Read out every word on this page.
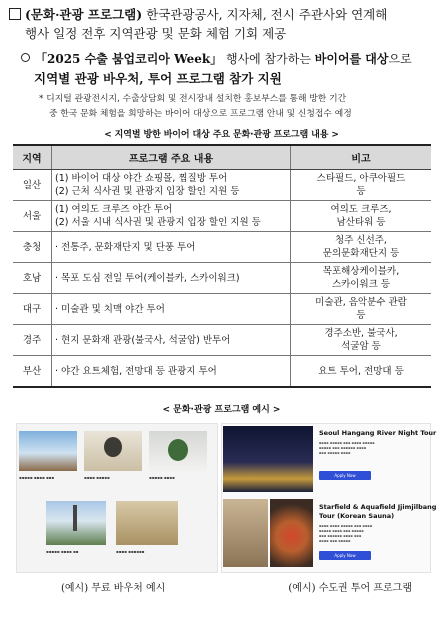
(문화·관광 프로그램) 한국관광공사, 지자체, 전시 주관사와 연계해
행사 일정 전후 지역관광 및 문화 체험 기회 제공
「2025 수출 붐업코리아 Week」 행사에 참가하는 바이어를 대상으로
지역별 관광 바우처, 투어 프로그램 참가 지원
* 디지털 관광전시지, 수출상담회 및 전시장내 설치한 홍보부스를 통해 방한 기간
중 한국 문화 체험을 희망하는 바이어 대상으로 프로그램 안내 및 신청접수 예정
< 지역별 방한 바이어 대상 주요 문화·관광 프로그램 내용 >
지역	프로그램 주요 내용	비고
일산	(1) 바이어 대상 야간 쇼핑몰, 찜질방 투어
(2) 근처 식사권 및 관광지 입장 할인 지원 등	스타필드, 아쿠아필드
등

서울	(1) 여의도 크루즈 야간 투어
(2) 서울 시내 식사권 및 관광지 입장 할인 지원 등	여의도 크루즈,
남산타워 등

충청	· 전통주, 문화재단지 및 단풍 투어	청주 신선주,
문의문화재단지 등

호남	· 목포 도심 전일 투어(케이블카, 스카이워크)	목포해상케이블카,
스카이워크 등

대구	· 미술관 및 치맥 야간 투어	미술관, 음악분수 관람
등

경주	· 현지 문화재 관광(불국사, 석굴암) 반투어	경주소반, 불국사,
석굴암 등

부산	· 야간 요트체험, 전망대 등 관광지 투어	요트 투어, 전망대 등
< 문화·관광 프로그램 예시 >
▪▪▪▪▪ ▪▪▪▪ ▪▪▪	▪▪▪▪ ▪▪▪▪▪	▪▪▪▪▪ ▪▪▪▪
▪▪▪▪▪ ▪▪▪▪ ▪▪	▪▪▪▪ ▪▪▪▪▪▪
Seoul Hangang River Night Tour
▪▪▪▪ ▪▪▪▪▪ ▪▪▪ ▪▪▪▪ ▪▪▪▪▪
▪▪▪▪▪ ▪▪▪ ▪▪▪▪▪▪ ▪▪▪▪
▪▪▪ ▪▪▪▪▪ ▪▪▪▪
Apply Now
Starfield & Aquafield Jjimjilbang
Tour (Korean Sauna)
▪▪▪▪ ▪▪▪▪ ▪▪▪▪▪ ▪▪▪ ▪▪▪▪
▪▪▪▪▪ ▪▪▪▪ ▪▪▪ ▪▪▪▪▪
▪▪▪ ▪▪▪▪▪▪ ▪▪▪▪ ▪▪▪
▪▪▪▪ ▪▪▪ ▪▪▪▪▪
Apply Now
(예시) 무료 바우처 예시	(예시) 수도권 투어 프로그램
